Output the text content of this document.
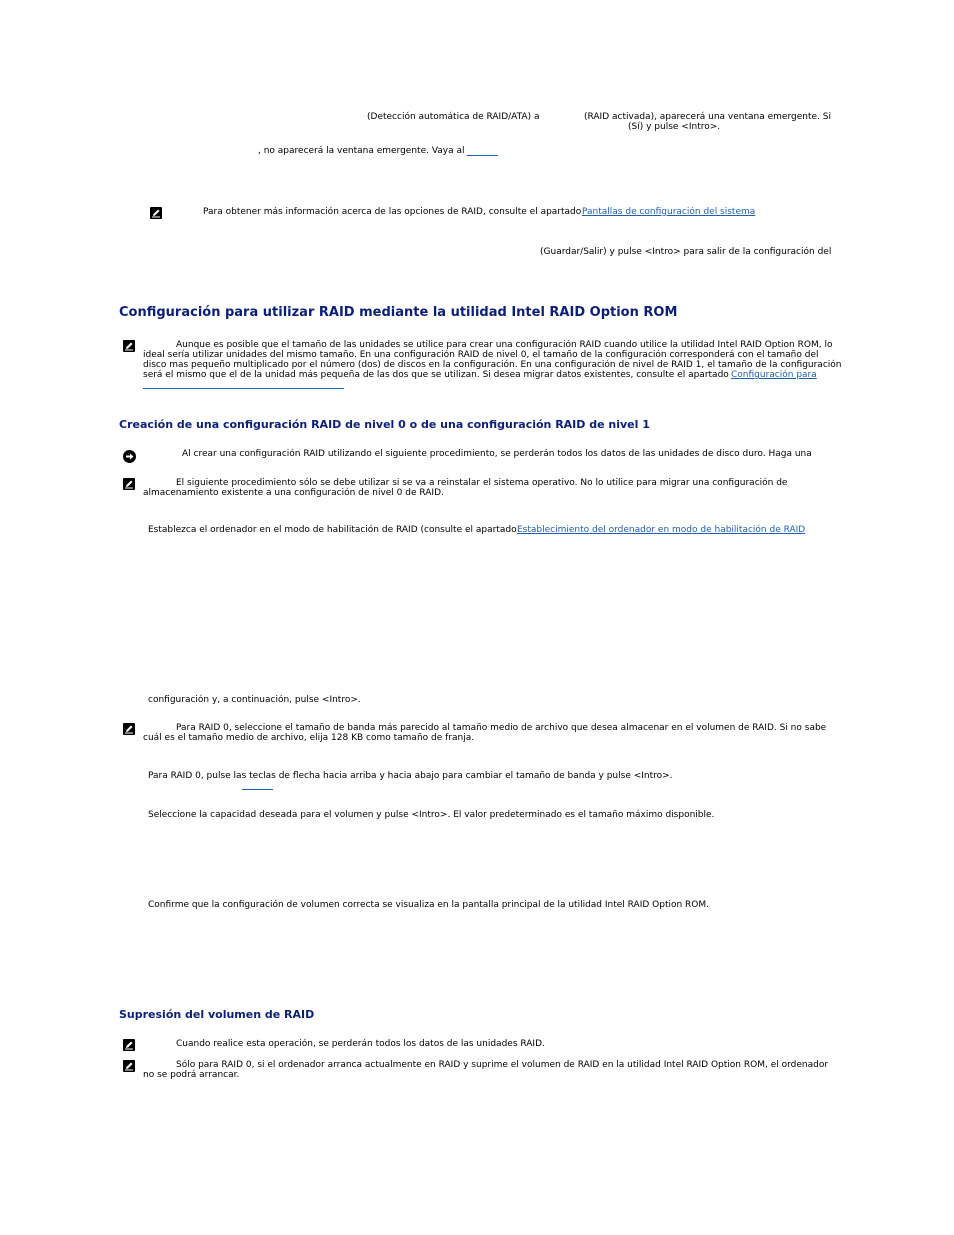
(Detección automática de RAID/ATA) a	(RAID activada), aparecerá una ventana emergente. Si
(Sí) y pulse <Intro>.
, no aparecerá la ventana emergente. Vaya al
Para obtener más información acerca de las opciones de RAID, consulte el apartado Pantallas de configuración del sistema
(Guardar/Salir) y pulse <Intro> para salir de la configuración del
Configuración para utilizar RAID mediante la utilidad Intel RAID Option ROM
Aunque es posible que el tamaño de las unidades se utilice para crear una configuración RAID cuando utilice la utilidad Intel RAID Option ROM, lo
ideal sería utilizar unidades del mismo tamaño. En una configuración RAID de nivel 0, el tamaño de la configuración corresponderá con el tamaño del
disco mas pequeño multiplicado por el número (dos) de discos en la configuración. En una configuración de nivel de RAID 1, el tamaño de la configuración
será el mismo que el de la unidad más pequeña de las dos que se utilizan. Si desea migrar datos existentes, consulte el apartado Configuración para
Creación de una configuración RAID de nivel 0 o de una configuración RAID de nivel 1
Al crear una configuración RAID utilizando el siguiente procedimiento, se perderán todos los datos de las unidades de disco duro. Haga una
El siguiente procedimiento sólo se debe utilizar si se va a reinstalar el sistema operativo. No lo utilice para migrar una configuración de
almacenamiento existente a una configuración de nivel 0 de RAID.
Establezca el ordenador en el modo de habilitación de RAID (consulte el apartado Establecimiento del ordenador en modo de habilitación de RAID
configuración y, a continuación, pulse <Intro>.
Para RAID 0, seleccione el tamaño de banda más parecido al tamaño medio de archivo que desea almacenar en el volumen de RAID. Si no sabe
cuál es el tamaño medio de archivo, elija 128 KB como tamaño de franja.
Para RAID 0, pulse las teclas de flecha hacia arriba y hacia abajo para cambiar el tamaño de banda y pulse <Intro>.
Seleccione la capacidad deseada para el volumen y pulse <Intro>. El valor predeterminado es el tamaño máximo disponible.
Confirme que la configuración de volumen correcta se visualiza en la pantalla principal de la utilidad Intel RAID Option ROM.
Supresión del volumen de RAID
Cuando realice esta operación, se perderán todos los datos de las unidades RAID.
Sólo para RAID 0, si el ordenador arranca actualmente en RAID y suprime el volumen de RAID en la utilidad Intel RAID Option ROM, el ordenador
no se podrá arrancar.
